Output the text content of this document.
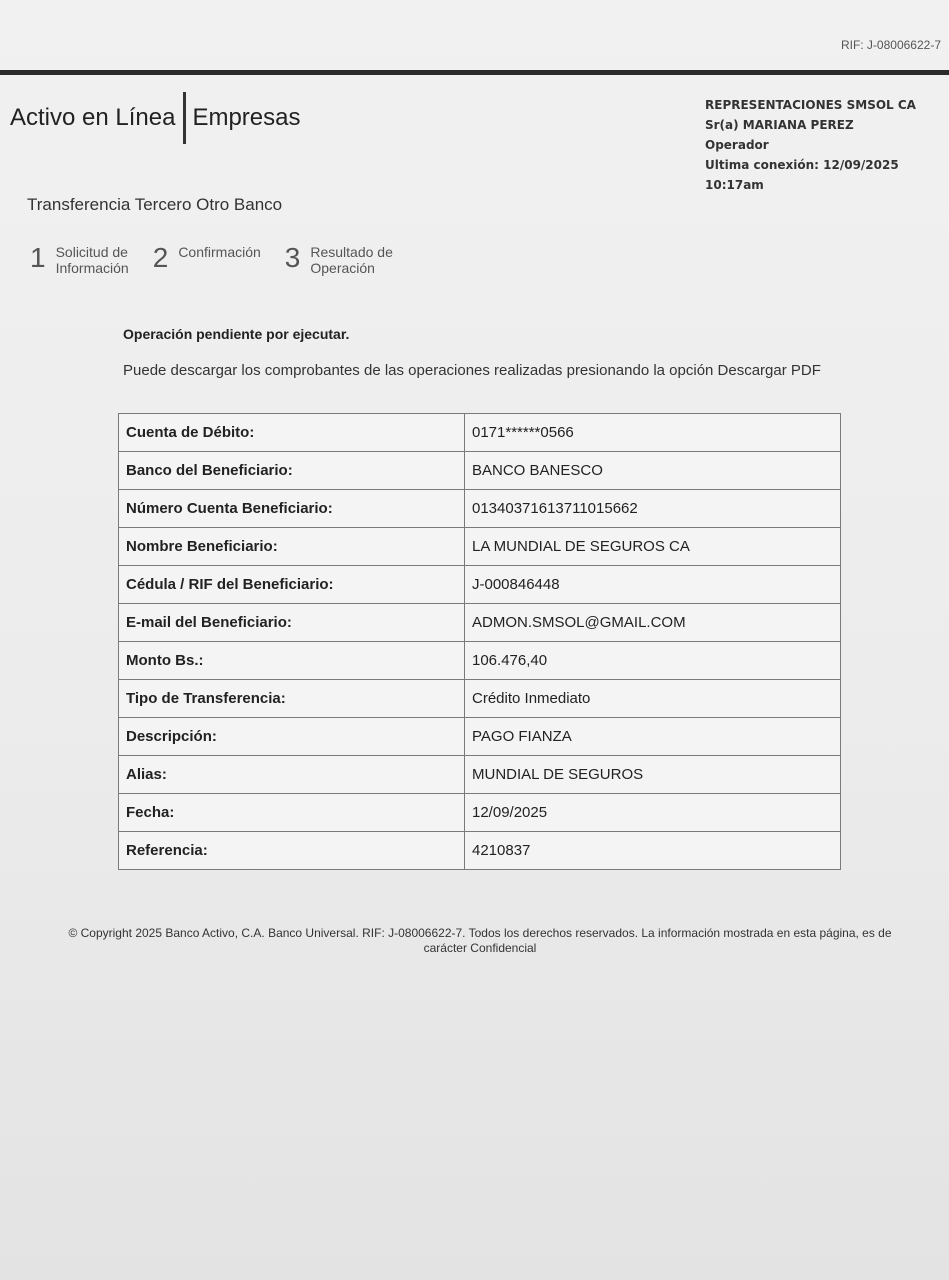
RIF: J-08006622-7
Activo en Línea Empresas	REPRESENTACIONES SMSOL CA
Sr(a) MARIANA PEREZ
Operador
Ultima conexión: 12/09/2025 10:17am
Transferencia Tercero Otro Banco
1 Solicitud de
Información 2 Confirmación 3 Resultado de
Operación
Operación pendiente por ejecutar.
Puede descargar los comprobantes de las operaciones realizadas presionando la opción Descargar PDF
Cuenta de Débito:	0171******0566
Banco del Beneficiario:	BANCO BANESCO
Número Cuenta Beneficiario:	01340371613711015662
Nombre Beneficiario:	LA MUNDIAL DE SEGUROS CA
Cédula / RIF del Beneficiario:	J-000846448
E-mail del Beneficiario:	ADMON.SMSOL@GMAIL.COM
Monto Bs.:	106.476,40
Tipo de Transferencia:	Crédito Inmediato
Descripción:	PAGO FIANZA
Alias:	MUNDIAL DE SEGUROS
Fecha:	12/09/2025
Referencia:	4210837
© Copyright 2025 Banco Activo, C.A. Banco Universal. RIF: J-08006622-7. Todos los derechos reservados. La información mostrada en esta página, es de
carácter Confidencial
